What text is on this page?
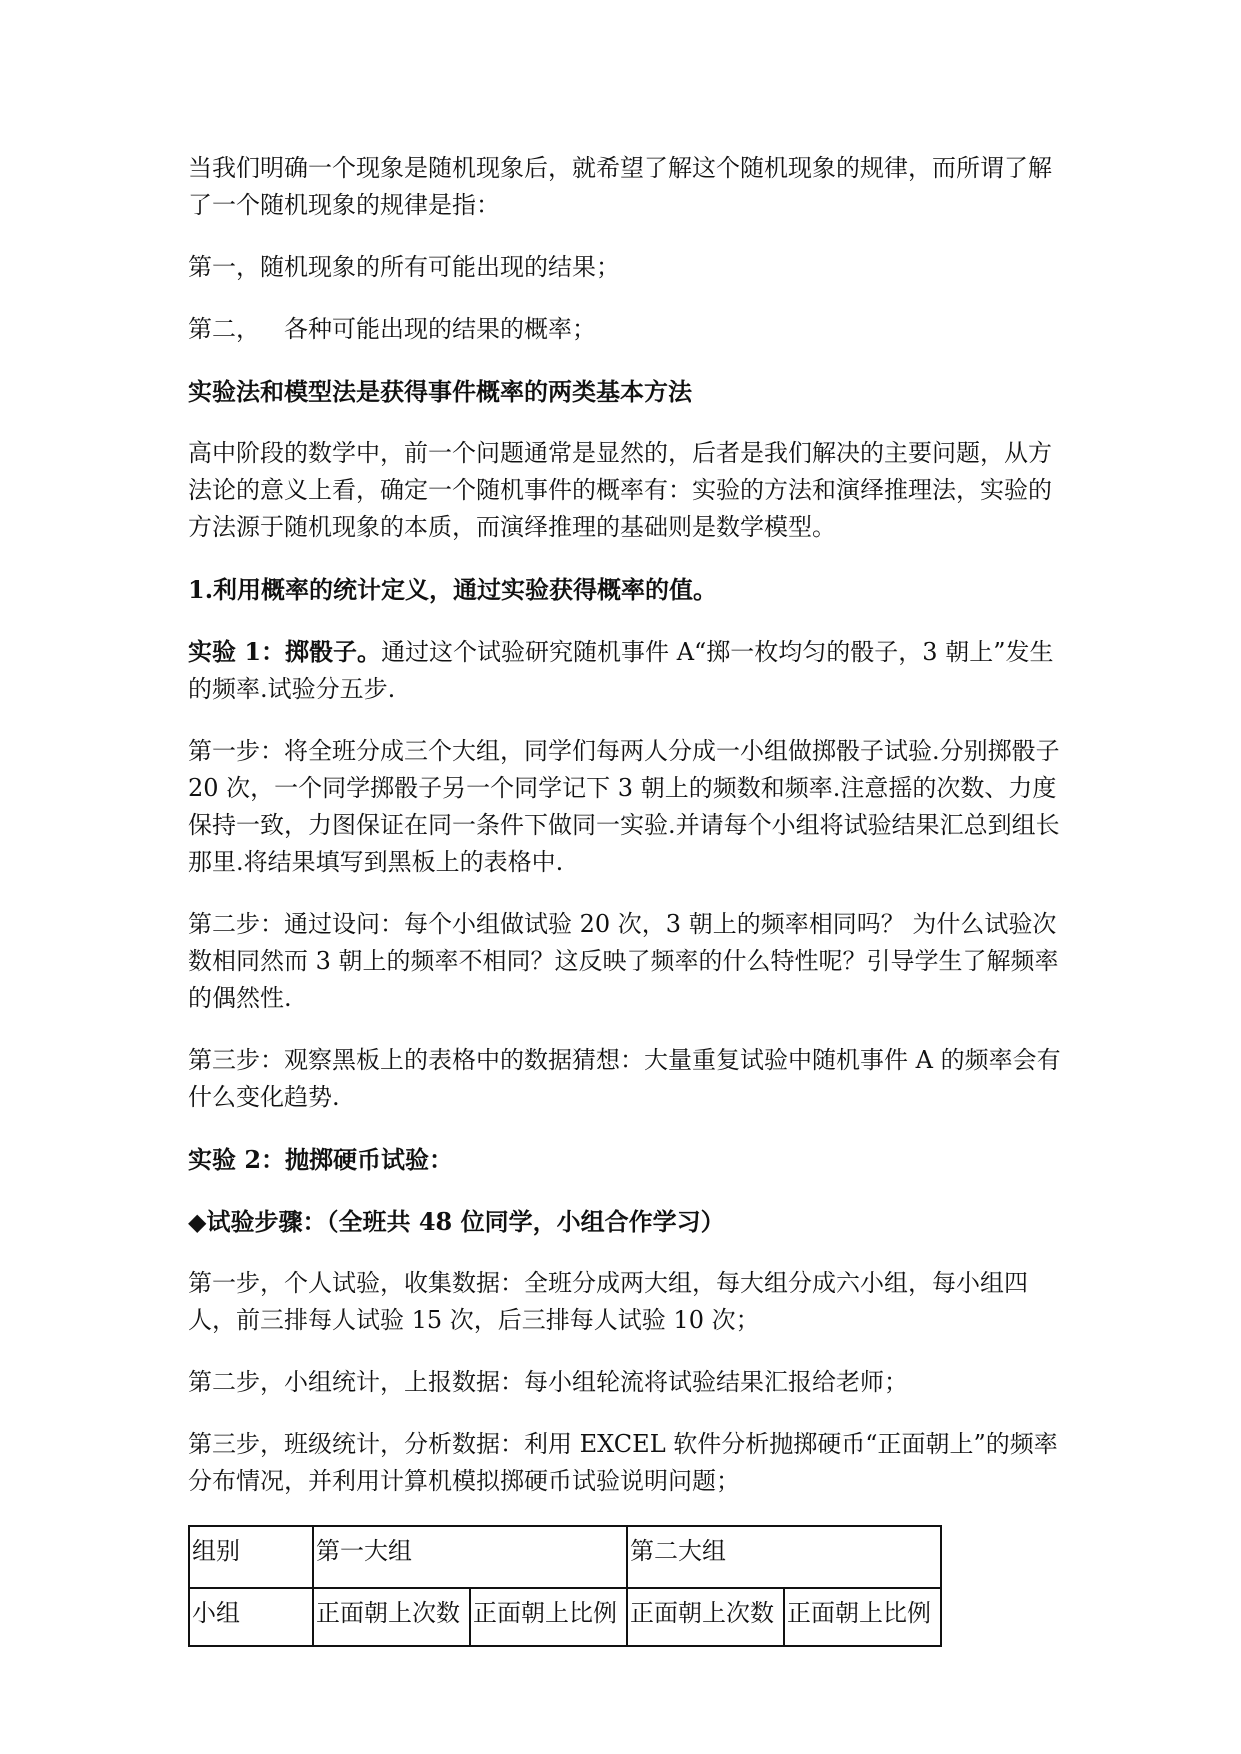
当我们明确一个现象是随机现象后，就希望了解这个随机现象的规律，而所谓了解了一个随机现象的规律是指：

第一，随机现象的所有可能出现的结果；

第二， 各种可能出现的结果的概率；

实验法和模型法是获得事件概率的两类基本方法

高中阶段的数学中，前一个问题通常是显然的，后者是我们解决的主要问题，从方法论的意义上看，确定一个随机事件的概率有：实验的方法和演绎推理法，实验的方法源于随机现象的本质，而演绎推理的基础则是数学模型。

1.利用概率的统计定义，通过实验获得概率的值。

实验 1：掷骰子。通过这个试验研究随机事件 A“掷一枚均匀的骰子，3 朝上”发生的频率.试验分五步.

第一步：将全班分成三个大组，同学们每两人分成一小组做掷骰子试验.分别掷骰子 20 次，一个同学掷骰子另一个同学记下 3 朝上的频数和频率.注意摇的次数、力度保持一致，力图保证在同一条件下做同一实验.并请每个小组将试验结果汇总到组长那里.将结果填写到黑板上的表格中.

第二步：通过设问：每个小组做试验 20 次，3 朝上的频率相同吗？ 为什么试验次数相同然而 3 朝上的频率不相同？这反映了频率的什么特性呢？引导学生了解频率的偶然性.

第三步：观察黑板上的表格中的数据猜想：大量重复试验中随机事件 A 的频率会有什么变化趋势.

实验 2：抛掷硬币试验：

◆试验步骤：（全班共 48 位同学，小组合作学习）

第一步，个人试验，收集数据：全班分成两大组，每大组分成六小组，每小组四人，前三排每人试验 15 次，后三排每人试验 10 次；

第二步，小组统计，上报数据：每小组轮流将试验结果汇报给老师；

第三步，班级统计，分析数据：利用 EXCEL 软件分析抛掷硬币“正面朝上”的频率分布情况，并利用计算机模拟掷硬币试验说明问题；

组别	第一大组		第二大组	
小组	正面朝上次数	正面朝上比例	正面朝上次数	正面朝上比例
